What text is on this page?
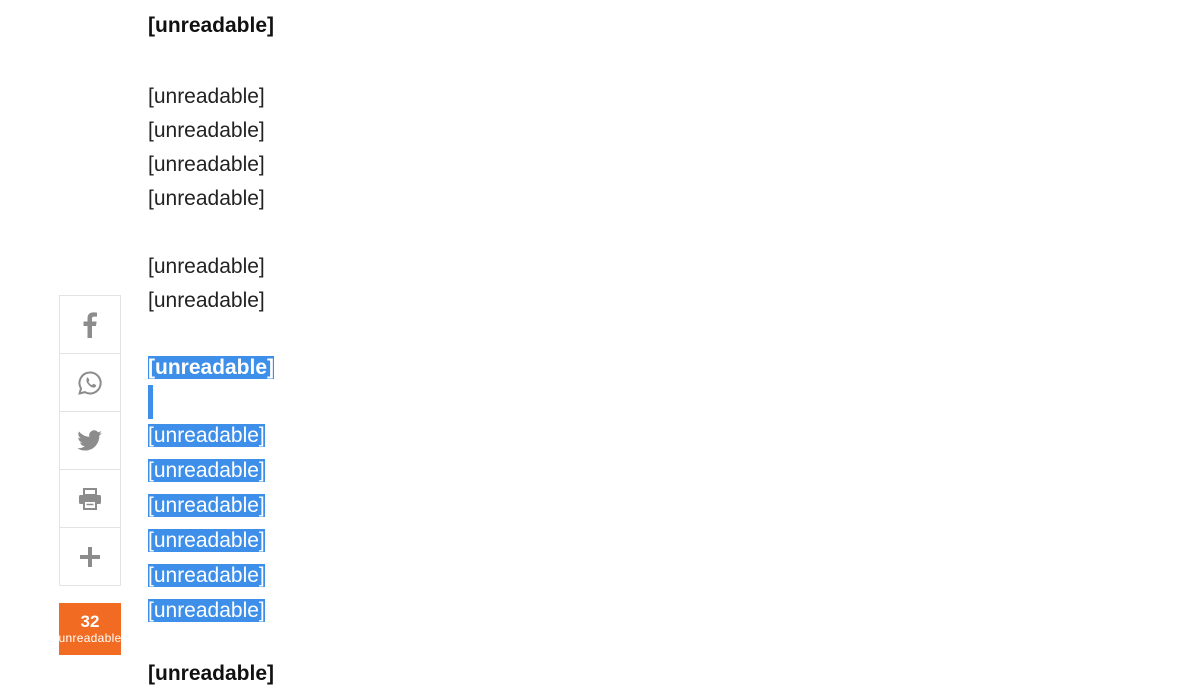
[unreadable]

[unreadable]

[unreadable]

[unreadable]

[unreadable]

[unreadable]

[unreadable]

[unreadable]
[unreadable]
[unreadable]
[unreadable]
[unreadable]
[unreadable]
[unreadable]
[unreadable]
32
[unreadable]
